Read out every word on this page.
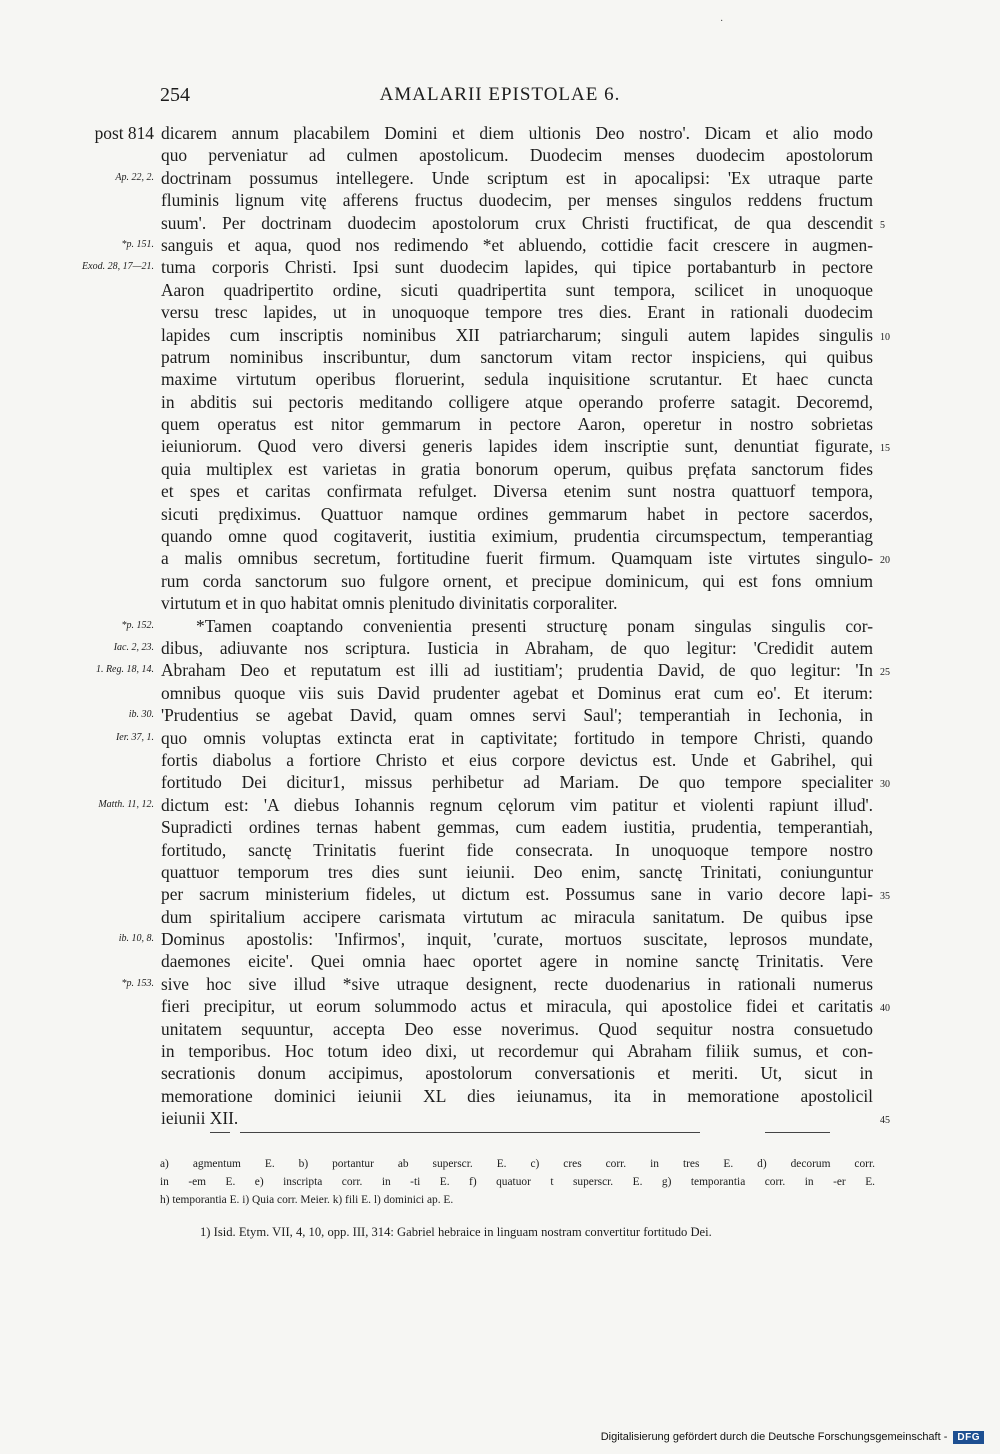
·
254	AMALARII EPISTOLAE 6.
post 814 dicarem annum placabilem Domini et diem ultionis Deo nostro'. Dicam et alio modo
quo perveniatur ad culmen apostolicum. Duodecim menses duodecim apostolorum
Ap. 22, 2. doctrinam possumus intellegere. Unde scriptum est in apocalipsi: 'Ex utraque parte
fluminis lignum vitę afferens fructus duodecim, per menses singulos reddens fructum
suum'. Per doctrinam duodecim apostolorum crux Christi fructificat, de qua descendit 5
*p. 151. sanguis et aqua, quod nos redimendo *et abluendo, cottidie facit crescere in augmen-
Exod. 28, 17—21. tuma corporis Christi. Ipsi sunt duodecim lapides, qui tipice portabanturb in pectore
Aaron quadripertito ordine, sicuti quadripertita sunt tempora, scilicet in unoquoque
versu tresc lapides, ut in unoquoque tempore tres dies. Erant in rationali duodecim
lapides cum inscriptis nominibus XII patriarcharum; singuli autem lapides singulis 10
patrum nominibus inscribuntur, dum sanctorum vitam rector inspiciens, qui quibus
maxime virtutum operibus floruerint, sedula inquisitione scrutantur. Et haec cuncta
in abditis sui pectoris meditando colligere atque operando proferre satagit. Decoremd,
quem operatus est nitor gemmarum in pectore Aaron, operetur in nostro sobrietas
ieiuniorum. Quod vero diversi generis lapides idem inscriptie sunt, denuntiat figurate, 15
quia multiplex est varietas in gratia bonorum operum, quibus pręfata sanctorum fides
et spes et caritas confirmata refulget. Diversa etenim sunt nostra quattuorf tempora,
sicuti prędiximus. Quattuor namque ordines gemmarum habet in pectore sacerdos,
quando omne quod cogitaverit, iustitia eximium, prudentia circumspectum, temperantiag
a malis omnibus secretum, fortitudine fuerit firmum. Quamquam iste virtutes singulo- 20
rum corda sanctorum suo fulgore ornent, et precipue dominicum, qui est fons omnium
virtutum et in quo habitat omnis plenitudo divinitatis corporaliter.
*p. 152. *Tamen coaptando convenientia presenti structurę ponam singulas singulis cor-
Iac. 2, 23. dibus, adiuvante nos scriptura. Iusticia in Abraham, de quo legitur: 'Credidit autem
1. Reg. 18, 14. Abraham Deo et reputatum est illi ad iustitiam'; prudentia David, de quo legitur: 'In 25
omnibus quoque viis suis David prudenter agebat et Dominus erat cum eo'. Et iterum:
ib. 30. 'Prudentius se agebat David, quam omnes servi Saul'; temperantiah in Iechonia, in
Ier. 37, 1. quo omnis voluptas extincta erat in captivitate; fortitudo in tempore Christi, quando
fortis diabolus a fortiore Christo et eius corpore devictus est. Unde et Gabrihel, qui
fortitudo Dei dicitur1, missus perhibetur ad Mariam. De quo tempore specialiter 30
Matth. 11, 12. dictum est: 'A diebus Iohannis regnum cęlorum vim patitur et violenti rapiunt illud'.
Supradicti ordines ternas habent gemmas, cum eadem iustitia, prudentia, temperantiah,
fortitudo, sanctę Trinitatis fuerint fide consecrata. In unoquoque tempore nostro
quattuor temporum tres dies sunt ieiunii. Deo enim, sanctę Trinitati, coniunguntur
per sacrum ministerium fideles, ut dictum est. Possumus sane in vario decore lapi- 35
dum spiritalium accipere carismata virtutum ac miracula sanitatum. De quibus ipse
ib. 10, 8. Dominus apostolis: 'Infirmos', inquit, 'curate, mortuos suscitate, leprosos mundate,
daemones eicite'. Quei omnia haec oportet agere in nomine sanctę Trinitatis. Vere
*p. 153. sive hoc sive illud *sive utraque designent, recte duodenarius in rationali numerus
fieri precipitur, ut eorum solummodo actus et miracula, qui apostolice fidei et caritatis 40
unitatem sequuntur, accepta Deo esse noverimus. Quod sequitur nostra consuetudo
in temporibus. Hoc totum ideo dixi, ut recordemur qui Abraham filiik sumus, et con-
secrationis donum accipimus, apostolorum conversationis et meriti. Ut, sicut in
memoratione dominici ieiunii XL dies ieiunamus, ita in memoratione apostolicil
ieiunii XII.	45
a) agmentum E. b) portantur ab superscr. E. c) cres corr. in tres E. d) decorum corr.
in -em E. e) inscripta corr. in -ti E. f) quatuor t superscr. E. g) temporantia corr. in -er E.
h) temporantia E. i) Quia corr. Meier. k) fili E. l) dominici ap. E.
1) Isid. Etym. VII, 4, 10, opp. III, 314: Gabriel hebraice in linguam nostram convertitur fortitudo Dei.
Digitalisierung gefördert durch die Deutsche Forschungsgemeinschaft -	DFG
